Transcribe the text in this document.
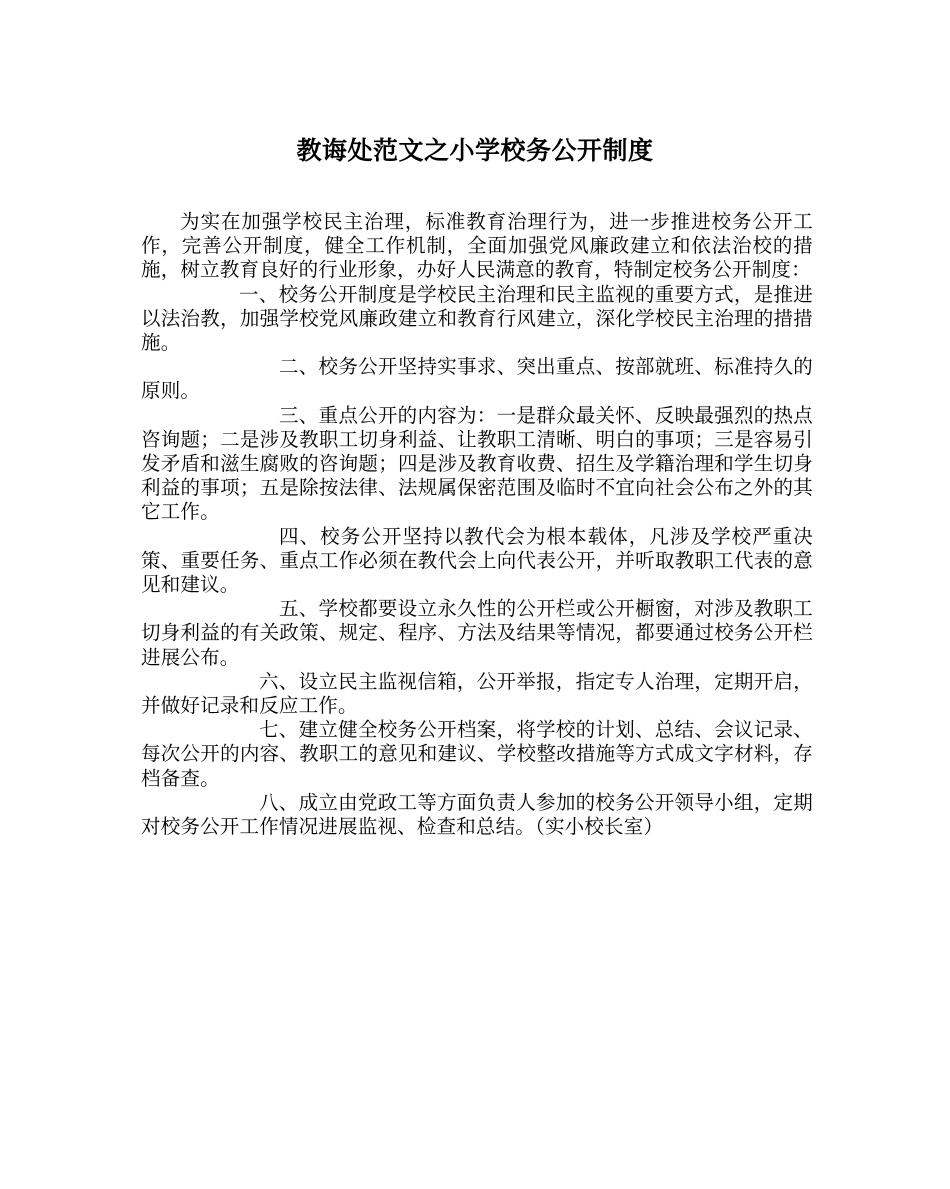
教诲处范文之小学校务公开制度

为实在加强学校民主治理，标准教育治理行为，进一步推进校务公开工作，完善公开制度，健全工作机制，全面加强党风廉政建立和依法治校的措施，树立教育良好的行业形象，办好人民满意的教育，特制定校务公开制度：

一、校务公开制度是学校民主治理和民主监视的重要方式，是推进以法治教，加强学校党风廉政建立和教育行风建立，深化学校民主治理的措措施。

二、校务公开坚持实事求、突出重点、按部就班、标准持久的原则。

三、重点公开的内容为：一是群众最关怀、反映最强烈的热点咨询题；二是涉及教职工切身利益、让教职工清晰、明白的事项；三是容易引发矛盾和滋生腐败的咨询题；四是涉及教育收费、招生及学籍治理和学生切身利益的事项；五是除按法律、法规属保密范围及临时不宜向社会公布之外的其它工作。

四、校务公开坚持以教代会为根本载体，凡涉及学校严重决策、重要任务、重点工作必须在教代会上向代表公开，并听取教职工代表的意见和建议。

五、学校都要设立永久性的公开栏或公开橱窗，对涉及教职工切身利益的有关政策、规定、程序、方法及结果等情况，都要通过校务公开栏进展公布。

六、设立民主监视信箱，公开举报，指定专人治理，定期开启，并做好记录和反应工作。

七、建立健全校务公开档案，将学校的计划、总结、会议记录、每次公开的内容、教职工的意见和建议、学校整改措施等方式成文字材料，存档备查。

八、成立由党政工等方面负责人参加的校务公开领导小组，定期对校务公开工作情况进展监视、检查和总结。（实小校长室）
